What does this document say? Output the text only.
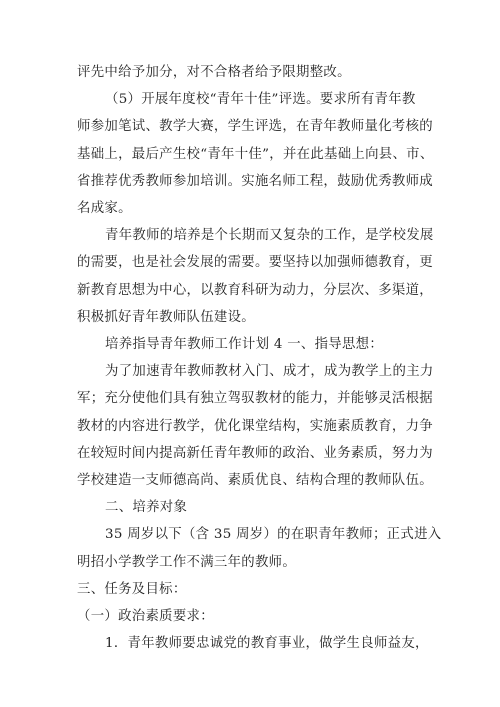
评先中给予加分，对不合格者给予限期整改。
（5）开展年度校“青年十佳”评选。要求所有青年教
师参加笔试、教学大赛，学生评选，在青年教师量化考核的
基础上，最后产生校“青年十佳”，并在此基础上向县、市、
省推荐优秀教师参加培训。实施名师工程，鼓励优秀教师成
名成家。
青年教师的培养是个长期而又复杂的工作，是学校发展
的需要，也是社会发展的需要。要坚持以加强师德教育，更
新教育思想为中心，以教育科研为动力，分层次、多渠道，
积极抓好青年教师队伍建设。
培养指导青年教师工作计划 4 一、指导思想：
为了加速青年教师教材入门、成才，成为教学上的主力
军；充分使他们具有独立驾驭教材的能力，并能够灵活根据
教材的内容进行教学，优化课堂结构，实施素质教育，力争
在较短时间内提高新任青年教师的政治、业务素质，努力为
学校建造一支师德高尚、素质优良、结构合理的教师队伍。
二、培养对象
35 周岁以下（含 35 周岁）的在职青年教师；正式进入
明招小学教学工作不满三年的教师。
三、任务及目标：
（一）政治素质要求：
1．青年教师要忠诚党的教育事业，做学生良师益友，
